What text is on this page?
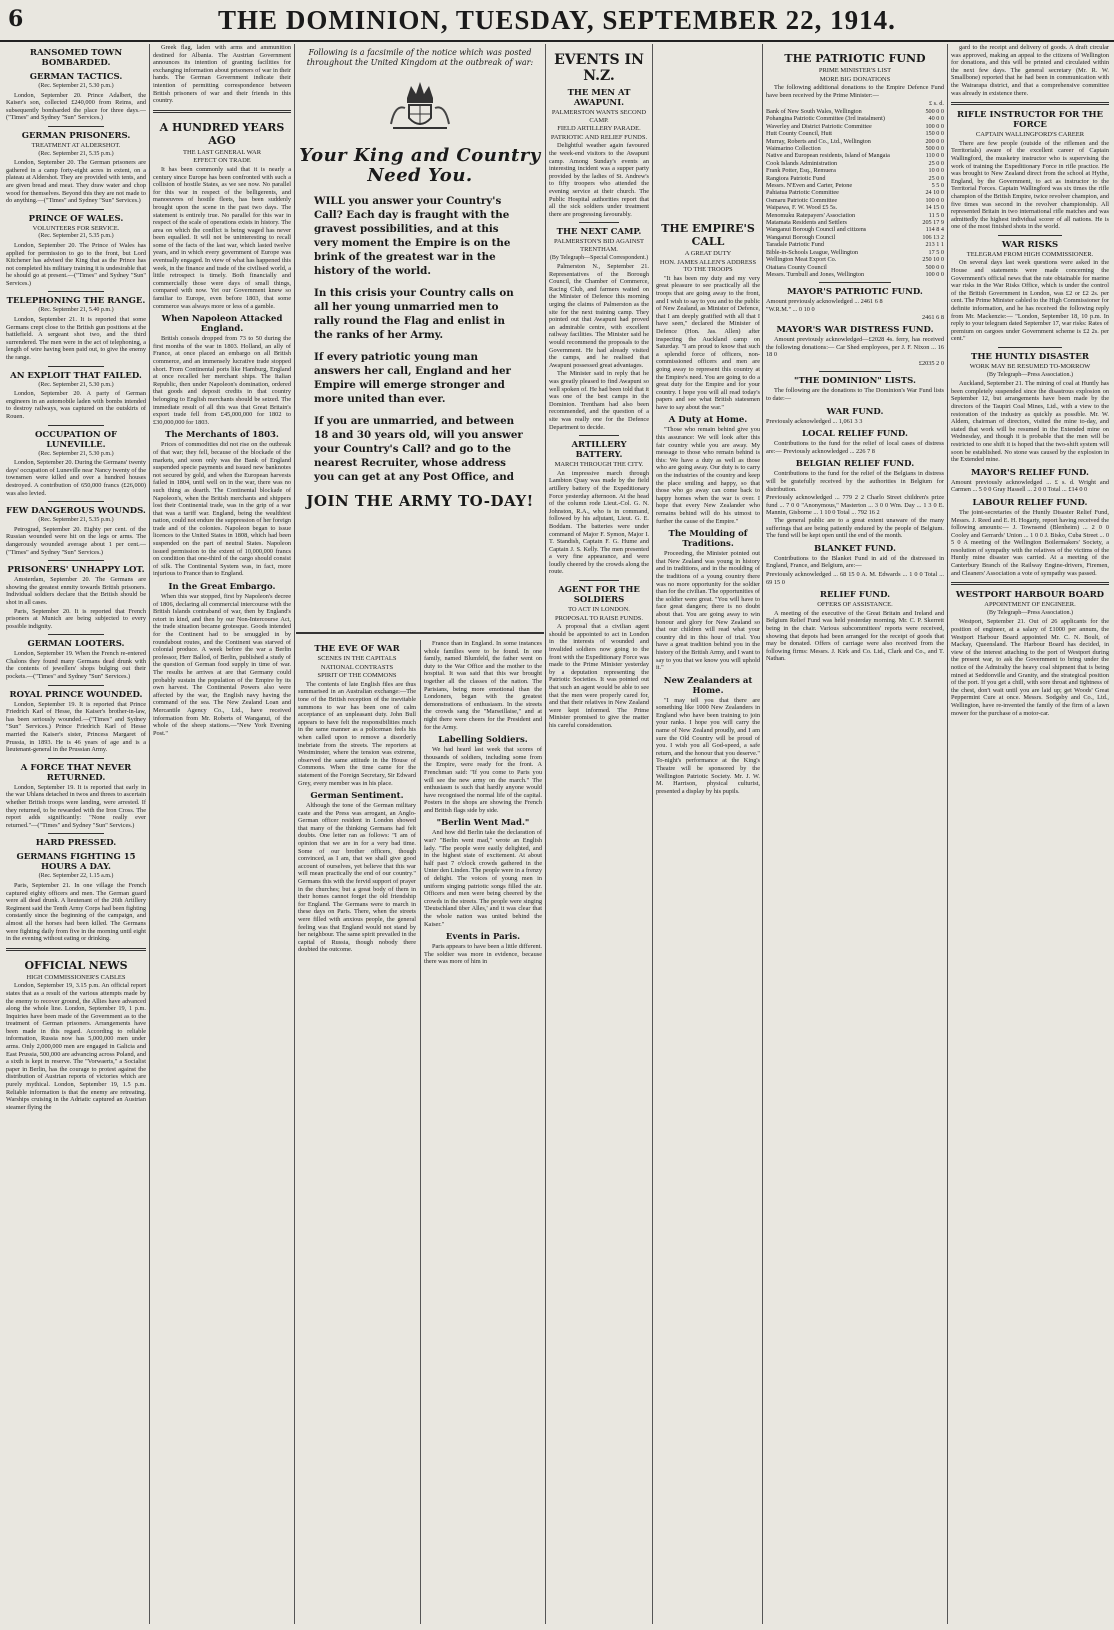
6	THE DOMINION, TUESDAY, SEPTEMBER 22, 1914.
RANSOMED TOWN BOMBARDED.
GERMAN TACTICS.
(Rec. September 21, 5.30 p.m.)

London, September 20. Prince Adalbert, the Kaiser's son, collected £240,000 from Reims, and subsequently bombarded the place for three days.—("Times" and Sydney "Sun" Services.)

GERMAN PRISONERS.
TREATMENT AT ALDERSHOT.
(Rec. September 21, 5.35 p.m.)

London, September 20. The German prisoners are gathered in a camp forty-eight acres in extent, on a plateau at Aldershot. They are provided with tents, and are given bread and meat. They draw water and chop wood for themselves. Beyond this they are not made to do anything.—("Times" and Sydney "Sun" Services.)

PRINCE OF WALES.
VOLUNTEERS FOR SERVICE.
(Rec. September 21, 5.35 p.m.)

London, September 20. The Prince of Wales has applied for permission to go to the front, but Lord Kitchener has advised the King that as the Prince has not completed his military training it is undesirable that he should go at present.—("Times" and Sydney "Sun" Services.)

TELEPHONING THE RANGE.
(Rec. September 21, 5.40 p.m.)

London, September 21. It is reported that some Germans crept close to the British gun positions at the battlefield. A sergeant shot two, and the third surrendered. The men were in the act of telephoning, a length of wire having been paid out, to give the enemy the range.

AN EXPLOIT THAT FAILED.
(Rec. September 21, 5.30 p.m.)

London, September 20. A party of German engineers in an automobile laden with bombs intended to destroy railways, was captured on the outskirts of Rouen.

OCCUPATION OF LUNEVILLE.
(Rec. September 21, 5.30 p.m.)

London, September 20. During the Germans' twenty days' occupation of Luneville near Nancy twenty of the townsmen were killed and over a hundred houses destroyed. A contribution of 650,000 francs (£26,000) was also levied.

FEW DANGEROUS WOUNDS.
(Rec. September 21, 5.35 p.m.)

Petrograd, September 20. Eighty per cent. of the Russian wounded were hit on the legs or arms. The dangerously wounded average about 1 per cent.—("Times" and Sydney "Sun" Services.)

PRISONERS' UNHAPPY LOT.

Amsterdam, September 20. The Germans are showing the greatest enmity towards British prisoners. Individual soldiers declare that the British should be shot in all cases.

Paris, September 20. It is reported that French prisoners at Munich are being subjected to every possible indignity.

GERMAN LOOTERS.

London, September 19. When the French re-entered Chalons they found many Germans dead drunk with the contents of jewellers' shops bulging out their pockets.—("Times" and Sydney "Sun" Services.)

ROYAL PRINCE WOUNDED.

London, September 19. It is reported that Prince Friedrich Karl of Hesse, the Kaiser's brother-in-law, has been seriously wounded.—("Times" and Sydney "Sun" Services.) Prince Friedrich Karl of Hesse married the Kaiser's sister, Princess Margaret of Prussia, in 1893. He is 46 years of age and is a lieutenant-general in the Prussian Army.

A FORCE THAT NEVER RETURNED.

London, September 19. It is reported that early in the war Uhlans detached in twos and threes to ascertain whether British troops were landing, were arrested. If they returned, to be rewarded with the Iron Cross. The report adds significantly: "None really ever returned."—("Times" and Sydney "Sun" Services.)

HARD PRESSED.
GERMANS FIGHTING 15 HOURS A DAY.
(Rec. September 22, 1.15 a.m.)

Paris, September 21. In one village the French captured eighty officers and men. The German guard were all dead drunk. A lieutenant of the 26th Artillery Regiment said the Tenth Army Corps had been fighting constantly since the beginning of the campaign, and almost all the horses had been killed. The Germans were fighting daily from five in the morning until eight in the evening without eating or drinking.

OFFICIAL NEWS
HIGH COMMISSIONER'S CABLES

London, September 19, 3.15 p.m. An official report states that as a result of the various attempts made by the enemy to recover ground, the Allies have advanced along the whole line. London, September 19, 1 p.m. Inquiries have been made of the Government as to the treatment of German prisoners. Arrangements have been made in this regard. According to reliable information, Russia now has 5,000,000 men under arms. Only 2,000,000 men are engaged in Galicia and East Prussia, 500,000 are advancing across Poland, and a sixth is kept in reserve. The "Vorwaerts," a Socialist paper in Berlin, has the courage to protest against the distribution of Austrian reports of victories which are purely mythical. London, September 19, 1.5 p.m. Reliable information is that the enemy are retreating. Warships cruising in the Adriatic captured an Austrian steamer flying the

Greek flag, laden with arms and ammunition destined for Albania. The Austrian Government announces its intention of granting facilities for exchanging information about prisoners of war in their hands. The German Government indicate their intention of permitting correspondence between British prisoners of war and their friends in this country.

A HUNDRED YEARS AGO
THE LAST GENERAL WAR
EFFECT ON TRADE

It has been commonly said that it is nearly a century since Europe has been confronted with such a collision of hostile States, as we see now. No parallel for this war in respect of the belligerents, and manoeuvres of hostile fleets, has been suddenly brought upon the scene in the past two days. The statement is entirely true. No parallel for this war in respect of the scale of operations exists in history. The area on which the conflict is being waged has never been equalled. It will not be uninteresting to recall some of the facts of the last war, which lasted twelve years, and in which every government of Europe was eventually engaged. In view of what has happened this week, in the finance and trade of the civilised world, a little retrospect is timely. Both financially and commercially those were days of small things, compared with now. Yet our Government knew so familiar to Europe, even before 1803, that some commerce was always more or less of a gamble.

When Napoleon Attacked England.

British consols dropped from 73 to 50 during the first months of the war in 1803. Holland, an ally of France, at once placed an embargo on all British commerce, and an immensely lucrative trade stopped short. From Continental ports like Hamburg, England at once recalled her merchant ships. The Italian Republic, then under Napoleon's domination, ordered that goods and deposit credits in that country belonging to English merchants should be seized. The immediate result of all this was that Great Britain's export trade fell from £45,000,000 for 1802 to £30,000,000 for 1803.

The Merchants of 1803.

Prices of commodities did not rise on the outbreak of that war; they fell, because of the blockade of the markets, and soon only was the Bank of England suspended specie payments and issued new banknotes not secured by gold, and when the European harvests failed in 1804, until well on in the war, there was no such thing as dearth. The Continental blockade of Napoleon's, when the British merchants and shippers lost their Continental trade, was in the grip of a war that was a tariff war. England, being the wealthiest nation, could not endure the suppression of her foreign trade and of the colonies. Napoleon began to issue licences to the United States in 1808, which had been suspended on the part of neutral States. Napoleon issued permission to the extent of 10,000,000 francs on condition that one-third of the cargo should consist of silk. The Continental System was, in fact, more injurious to France than to England.

In the Great Embargo.

When this war stopped, first by Napoleon's decree of 1806, declaring all commercial intercourse with the British Islands contraband of war, then by England's retort in kind, and then by our Non-Intercourse Act, the trade situation became grotesque. Goods intended for the Continent had to be smuggled in by roundabout routes, and the Continent was starved of colonial produce. A week before the war a Berlin professor, Herr Ballod, of Berlin, published a study of the question of German food supply in time of war. The results he arrives at are that Germany could probably sustain the population of the Empire by its own harvest. The Continental Powers also were affected by the war, the English navy having the command of the sea. The New Zealand Loan and Mercantile Agency Co., Ltd., have received information from Mr. Roberts of Wanganui, of the whole of the sheep stations.—"New York Evening Post."

Following is a facsimile of the notice which was posted throughout the United Kingdom at the outbreak of war:
Your King and Country
Need You.

WILL you answer your Country's Call? Each day is fraught with the gravest possibilities, and at this very moment the Empire is on the brink of the greatest war in the history of the world.

In this crisis your Country calls on all her young unmarried men to rally round the Flag and enlist in the ranks of her Army.

If every patriotic young man answers her call, England and her Empire will emerge stronger and more united than ever.

If you are unmarried, and between 18 and 30 years old, will you answer your Country's Call? and go to the nearest Recruiter, whose address you can get at any Post Office, and

JOIN THE ARMY TO-DAY!
THE EVE OF WAR
SCENES IN THE CAPITALS
NATIONAL CONTRASTS
SPIRIT OF THE COMMONS

The contents of late English files are thus summarised in an Australian exchange:—The tone of the British reception of the inevitable summons to war has been one of calm acceptance of an unpleasant duty. John Bull appears to have felt the responsibilities much in the same manner as a policeman feels his when called upon to remove a disorderly inebriate from the streets. The reporters at Westminster, where the tension was extreme, observed the same attitude in the House of Commons. When the time came for the statement of the Foreign Secretary, Sir Edward Grey, every member was in his place.

German Sentiment.

Although the tone of the German military caste and the Press was arrogant, an Anglo-German officer resident in London showed that many of the thinking Germans had felt doubts. One letter ran as follows: "I am of opinion that we are in for a very bad time. Some of our brother officers, though convinced, as I am, that we shall give good account of ourselves, yet believe that this war will mean practically the end of our country." Germans this with the fervid support of prayer in the churches; but a great body of them in their homes cannot forget the old friendship for England. The Germans were to march in these days on Paris. There, when the streets were filled with anxious people, the general feeling was that England would not stand by her neighbour. The same spirit prevailed in the capital of Russia, though nobody there doubted the outcome.

France than in England. In some instances whole families were to be found. In one family, named Blumfeld, the father went on duty to the War Office and the mother to the hospital. It was said that this war brought together all the classes of the nation. The Parisians, being more emotional than the Londoners, began with the greatest demonstrations of enthusiasm. In the streets the crowds sang the "Marseillaise," and at night there were cheers for the President and for the Army.

Labelling Soldiers.

We had heard last week that scores of thousands of soldiers, including some from the Empire, were ready for the front. A Frenchman said: "If you come to Paris you will see the new army on the march." The enthusiasm is such that hardly anyone would have recognised the normal life of the capital. Posters in the shops are showing the French and British flags side by side.

"Berlin Went Mad."

And how did Berlin take the declaration of war? "Berlin went mad," wrote an English lady. "The people were easily delighted, and in the highest state of excitement. At about half past 7 o'clock crowds gathered in the Unter den Linden. The people were in a frenzy of delight. The voices of young men in uniform singing patriotic songs filled the air. Officers and men were being cheered by the crowds in the streets. The people were singing 'Deutschland über Alles,' and it was clear that the whole nation was united behind the Kaiser."

Events in Paris.

Paris appears to have been a little different. The soldier was more in evidence, because there was more of him in

EVENTS IN N.Z.
THE MEN AT AWAPUNI.
PALMERSTON WANTS SECOND CAMP.
FIELD ARTILLERY PARADE.
PATRIOTIC AND RELIEF FUNDS.

Delightful weather again favoured the week-end visitors to the Awapuni camp. Among Sunday's events an interesting incident was a supper party provided by the ladies of St. Andrew's to fifty troopers who attended the evening service at their church. The Public Hospital authorities report that all the sick soldiers under treatment there are progressing favourably.

THE NEXT CAMP.
PALMERSTON'S BID AGAINST TRENTHAM.
(By Telegraph—Special Correspondent.)

Palmerston N., September 21. Representatives of the Borough Council, the Chamber of Commerce, Racing Club, and farmers waited on the Minister of Defence this morning urging the claims of Palmerston as the site for the next training camp. They pointed out that Awapuni had proved an admirable centre, with excellent railway facilities. The Minister said he would recommend the proposals to the Government. He had already visited the camps, and he realised that Awapuni possessed great advantages.

The Minister said in reply that he was greatly pleased to find Awapuni so well spoken of. He had been told that it was one of the best camps in the Dominion. Trentham had also been recommended, and the question of a site was really one for the Defence Department to decide.

ARTILLERY BATTERY.
MARCH THROUGH THE CITY.

An impressive march through Lambton Quay was made by the field artillery battery of the Expeditionary Force yesterday afternoon. At the head of the column rode Lieut.-Col. G. N. Johnston, R.A., who is in command, followed by his adjutant, Lieut. G. E. Boddam. The batteries were under command of Major F. Symon, Major I. T. Standish, Captain F. G. Hume and Captain J. S. Kelly. The men presented a very fine appearance, and were loudly cheered by the crowds along the route.

AGENT FOR THE SOLDIERS
TO ACT IN LONDON.
PROPOSAL TO RAISE FUNDS.

A proposal that a civilian agent should be appointed to act in London in the interests of wounded and invalided soldiers now going to the front with the Expeditionary Force was made to the Prime Minister yesterday by a deputation representing the Patriotic Societies. It was pointed out that such an agent would be able to see that the men were properly cared for, and that their relatives in New Zealand were kept informed. The Prime Minister promised to give the matter his careful consideration.

THE EMPIRE'S CALL
A GREAT DUTY
HON. JAMES ALLEN'S ADDRESS TO THE TROOPS

"It has been my duty and my very great pleasure to see practically all the troops that are going away to the front, and I wish to say to you and to the public of New Zealand, as Minister of Defence, that I am deeply gratified with all that I have seen," declared the Minister of Defence (Hon. Jas. Allen) after inspecting the Auckland camp on Saturday. "I am proud to know that such a splendid force of officers, non-commissioned officers and men are going away to represent this country at the Empire's need. You are going to do a great duty for the Empire and for your country. I hope you will all read today's papers and see what British statesmen have to say about the war."

A Duty at Home.

"Those who remain behind give you this assurance: We will look after this fair country while you are away. My message to those who remain behind is this: We have a duty as well as those who are going away. Our duty is to carry on the industries of the country and keep the place smiling and happy, so that those who go away can come back to happy homes when the war is over. I hope that every New Zealander who remains behind will do his utmost to further the cause of the Empire."

The Moulding of Traditions.

Proceeding, the Minister pointed out that New Zealand was young in history and in traditions, and in the moulding of the traditions of a young country there was no more opportunity for the soldier than for the civilian. The opportunities of the soldier were great. "You will have to face great dangers; there is no doubt about that. You are going away to win honour and glory for New Zealand so that our children will read what your country did in this hour of trial. You have a great tradition behind you in the history of the British Army, and I want to say to you that we know you will uphold it."

New Zealanders at Home.

"I may tell you that there are something like 1000 New Zealanders in England who have been training to join your ranks. I hope you will carry the name of New Zealand proudly, and I am sure the Old Country will be proud of you. I wish you all God-speed, a safe return, and the honour that you deserve." To-night's performance at the King's Theatre will be sponsored by the Wellington Patriotic Society. Mr. J. W. M. Harrison, physical culturist, presented a display by his pupils.

THE PATRIOTIC FUND
PRIME MINISTER'S LIST
MORE BIG DONATIONS

The following additional donations to the Empire Defence Fund have been received by the Prime Minister:—

£ s. d.
Bank of New South Wales, Wellington	500 0 0
Pohangina Patriotic Committee (3rd instalment)	40 0 0
Waverley and District Patriotic Committee	100 0 0
Hutt County Council, Hutt	150 0 0
Murray, Roberts and Co., Ltd., Wellington	200 0 0
Waimarino Collection	500 0 0
Native and European residents, Island of Mangaia	110 0 0
Cook Islands Administration	25 0 0
Frank Potter, Esq., Remuera	10 0 0
Rangiora Patriotic Fund	25 0 0
Messrs. N'Even and Carter, Petone	5 5 0
Pahiatua Patriotic Committee	24 10 0
Osmaru Patriotic Committee	100 0 0
Waipawa, F. W. Wood £5 5s.	14 15 0
Menomuku Ratepayers' Association	11 5 0
Matamata Residents and Settlers	205 17 9
Wanganui Borough Council and citizens	114 8 4
Wanganui Borough Council	106 13 2
Taradale Patriotic Fund	213 1 1
Bible-in-Schools League, Wellington	17 5 0
Wellington Meat Export Co.	250 10 0
Otaitara County Council	500 0 0
Messrs. Turnbull and Jones, Wellington	100 0 0
MAYOR'S PATRIOTIC FUND.
Amount previously acknowledged ... 2461 6 8
"W.R.M." ... 0 10 0
2461 6 8
MAYOR'S WAR DISTRESS FUND.

Amount previously acknowledged—£2028 4s. ferry, has received the following donations:— Car Shed employees, per J. F. Nixon ... 16 18 0

£2035 2 0
"THE DOMINION" LISTS.

The following are the donations to The Dominion's War Fund lists to date:—

WAR FUND.
Previously acknowledged ... 1,061 3 3
LOCAL RELIEF FUND.

Contributions to the fund for the relief of local cases of distress are:— Previously acknowledged ... 226 7 8

BELGIAN RELIEF FUND.

Contributions to the fund for the relief of the Belgians in distress will be gratefully received by the authorities in Belgium for distribution.

Previously acknowledged ... 779 2 2 Charlo Street children's prize fund ... 7 0 0 "Anonymous," Masterton ... 3 0 0 Wm. Day ... 1 3 0 E. Mannin, Gisborne ... 1 10 0 Total ... 792 16 2

The general public are to a great extent unaware of the many sufferings that are being patiently endured by the people of Belgium. The fund will be kept open until the end of the month.

BLANKET FUND.

Contributions to the Blanket Fund in aid of the distressed in England, France, and Belgium, are:—

Previously acknowledged ... 68 15 0 A. M. Edwards ... 1 0 0 Total ... 69 15 0
RELIEF FUND.
OFFERS OF ASSISTANCE.

A meeting of the executive of the Great Britain and Ireland and Belgium Relief Fund was held yesterday morning. Mr. C. P. Skerrett being in the chair. Various subcommittees' reports were received, showing that depots had been arranged for the receipt of goods that may be donated. Offers of carriage were also received from the following firms: Messrs. J. Kirk and Co. Ltd., Clark and Co., and T. Nathan.

gard to the receipt and delivery of goods. A draft circular was approved, making an appeal to the citizens of Wellington for donations, and this will be printed and circulated within the next few days. The general secretary (Mr. R. W. Smallbone) reported that he had been in communication with the Wairarapa district, and that a comprehensive committee was already in existence there.

RIFLE INSTRUCTOR FOR THE FORCE
CAPTAIN WALLINGFORD'S CAREER

There are few people (outside of the riflemen and the Territorials) aware of the excellent career of Captain Wallingford, the musketry instructor who is supervising the work of training the Expeditionary Force in rifle practice. He was brought to New Zealand direct from the school at Hythe, England, by the Government, to act as instructor to the Territorial Forces. Captain Wallingford was six times the rifle champion of the British Empire, twice revolver champion, and five times was second in the revolver championship. All represented Britain in two international rifle matches and was admittedly the highest individual scorer of all nations. He is one of the most finished shots in the world.

WAR RISKS
TELEGRAM FROM HIGH COMMISSIONER.

On several days last week questions were asked in the House and statements were made concerning the Government's official news that the rate obtainable for marine war risks in the War Risks Office, which is under the control of the British Government in London, was £2 or £2 2s. per cent. The Prime Minister cabled to the High Commissioner for definite information, and he has received the following reply from Mr. Mackenzie:— "London, September 18, 10 p.m. In reply to your telegram dated September 17, war risks: Rates of premium on cargoes under Government scheme is £2 2s. per cent."

THE HUNTLY DISASTER
WORK MAY BE RESUMED TO-MORROW
(By Telegraph—Press Association.)

Auckland, September 21. The mining of coal at Huntly has been completely suspended since the disastrous explosion on September 12, but arrangements have been made by the directors of the Taupiri Coal Mines, Ltd., with a view to the restoration of the industry as quickly as possible. Mr. W. Aldem, chairman of directors, visited the mine to-day, and stated that work will be resumed in the Extended mine on Wednesday, and though it is probable that the men will be restricted to one shift it is hoped that the two-shift system will soon be established. No stone was caused by the explosion in the Extended mine.

MAYOR'S RELIEF FUND.
Amount previously acknowledged ... £ s. d. Wright and Carmen ... 5 0 0 Gray Hassell ... 2 0 0 Total ... £14 0 0
LABOUR RELIEF FUND.

The joint-secretaries of the Huntly Disaster Relief Fund, Messrs. J. Reed and E. H. Hogarty, report having received the following amounts:— J. Townsend (Blenheim) ... 2 0 0 Cooley and Gerrards' Union ... 1 0 0 J. Bisko, Cuba Street ... 0 5 0 A meeting of the Wellington Boilermakers' Society, a resolution of sympathy with the relatives of the victims of the Huntly mine disaster was carried. At a meeting of the Canterbury Branch of the Railway Engine-drivers, Firemen, and Cleaners' Association a vote of sympathy was passed.

WESTPORT HARBOUR BOARD
APPOINTMENT OF ENGINEER.
(By Telegraph—Press Association.)

Westport, September 21. Out of 26 applicants for the position of engineer, at a salary of £1000 per annum, the Westport Harbour Board appointed Mr. C. N. Boult, of Mackay, Queensland. The Harbour Board has decided, in view of the interest attaching to the port of Westport during the present war, to ask the Government to bring under the notice of the Admiralty the heavy coal shipment that is being mined at Seddonville and Granity, and the strategical position of the port. If you get a chill, with sore throat and tightness of the chest, don't wait until you are laid up; get Woods' Great Peppermint Cure at once. Messrs. Sodgsby and Co., Ltd., Wellington, have re-invented the family of the firm of a lawn mower for the purchase of a motor-car.
